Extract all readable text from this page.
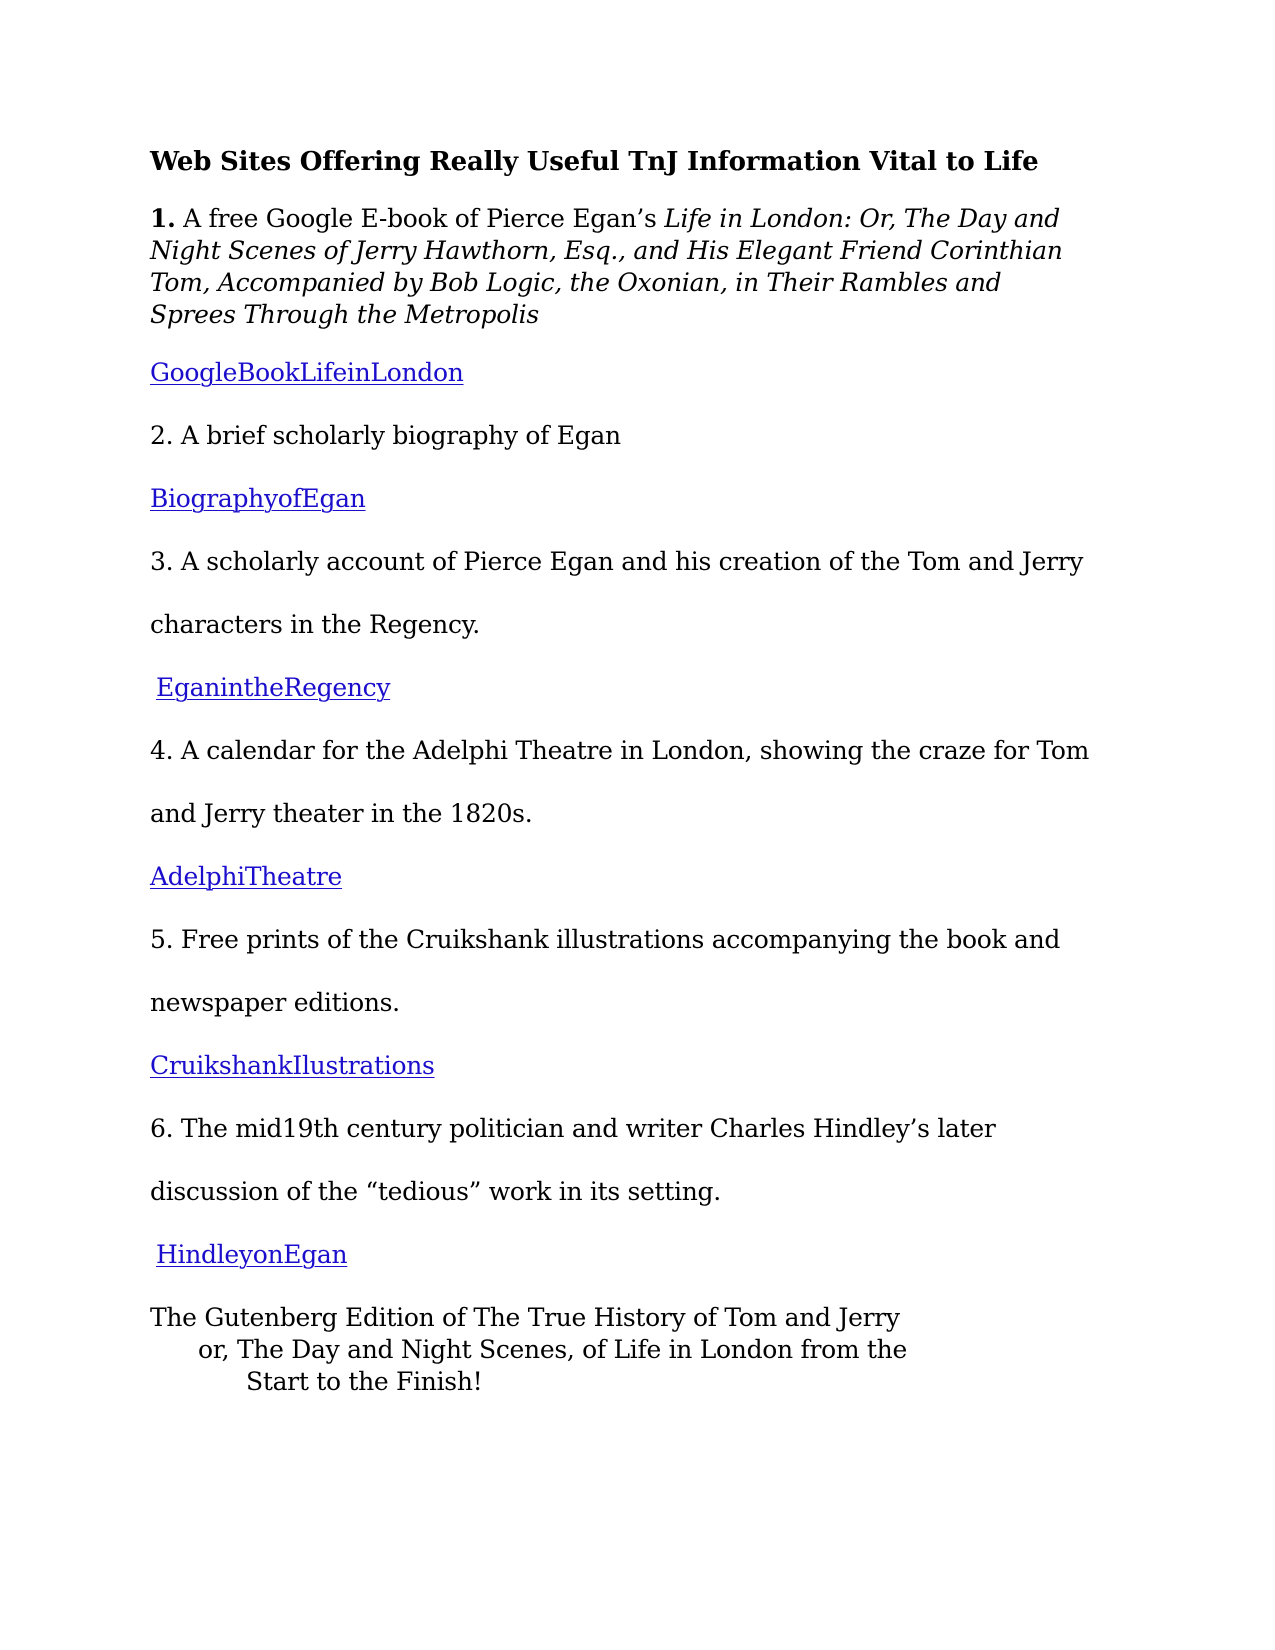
Web Sites Offering Really Useful TnJ Information Vital to Life
1. A free Google E-book of Pierce Egan’s Life in London: Or, The Day and
Night Scenes of Jerry Hawthorn, Esq., and His Elegant Friend Corinthian
Tom, Accompanied by Bob Logic, the Oxonian, in Their Rambles and
Sprees Through the Metropolis
GoogleBookLifeinLondon
2. A brief scholarly biography of Egan
BiographyofEgan
3. A scholarly account of Pierce Egan and his creation of the Tom and Jerry
characters in the Regency.
EganintheRegency
4. A calendar for the Adelphi Theatre in London, showing the craze for Tom
and Jerry theater in the 1820s.
AdelphiTheatre
5. Free prints of the Cruikshank illustrations accompanying the book and
newspaper editions.
CruikshankIlustrations
6. The mid19th century politician and writer Charles Hindley’s later
discussion of the “tedious” work in its setting.
HindleyonEgan
The Gutenberg Edition of The True History of Tom and Jerry
or, The Day and Night Scenes, of Life in London from the
Start to the Finish!
